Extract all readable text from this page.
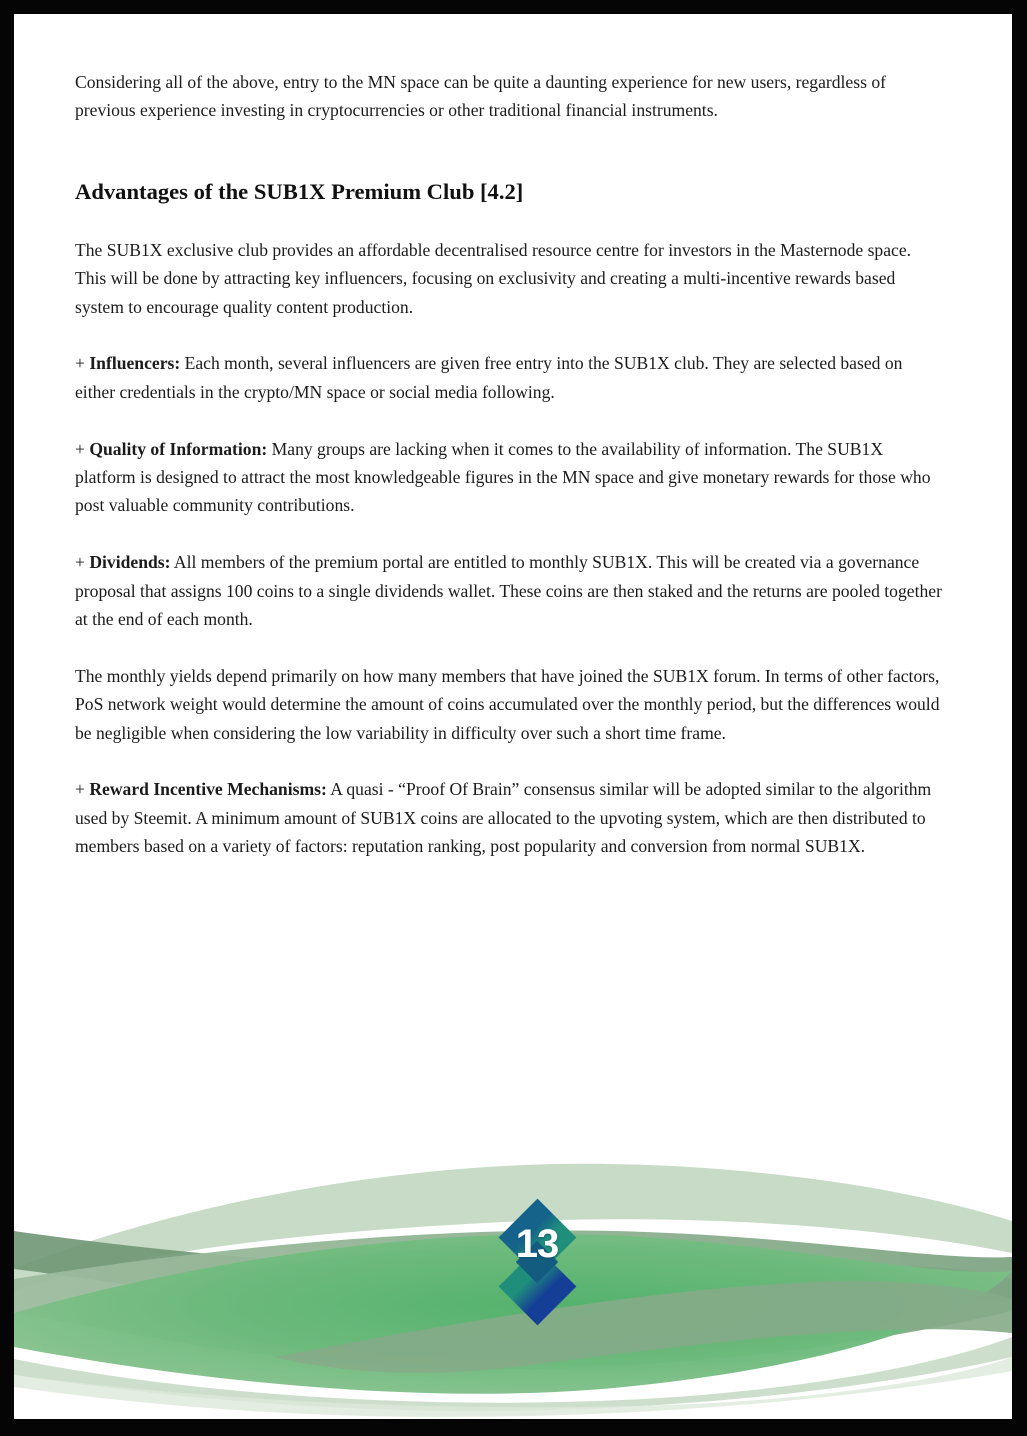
Considering all of the above, entry to the MN space can be quite a daunting experience for new users, regardless of previous experience investing in cryptocurrencies or other traditional financial instruments.

Advantages of the SUB1X Premium Club [4.2]

The SUB1X exclusive club provides an affordable decentralised resource centre for investors in the Masternode space. This will be done by attracting key influencers, focusing on exclusivity and creating a multi-incentive rewards based system to encourage quality content production.

+ Influencers: Each month, several influencers are given free entry into the SUB1X club. They are selected based on either credentials in the crypto/MN space or social media following.

+ Quality of Information: Many groups are lacking when it comes to the availability of information. The SUB1X platform is designed to attract the most knowledgeable figures in the MN space and give monetary rewards for those who post valuable community contributions.

+ Dividends: All members of the premium portal are entitled to monthly SUB1X. This will be created via a governance proposal that assigns 100 coins to a single dividends wallet. These coins are then staked and the returns are pooled together at the end of each month.

The monthly yields depend primarily on how many members that have joined the SUB1X forum. In terms of other factors, PoS network weight would determine the amount of coins accumulated over the monthly period, but the differences would be negligible when considering the low variability in difficulty over such a short time frame.

+ Reward Incentive Mechanisms: A quasi - “Proof Of Brain” consensus similar will be adopted similar to the algorithm used by Steemit. A minimum amount of SUB1X coins are allocated to the upvoting system, which are then distributed to members based on a variety of factors: reputation ranking, post popularity and conversion from normal SUB1X.

13
